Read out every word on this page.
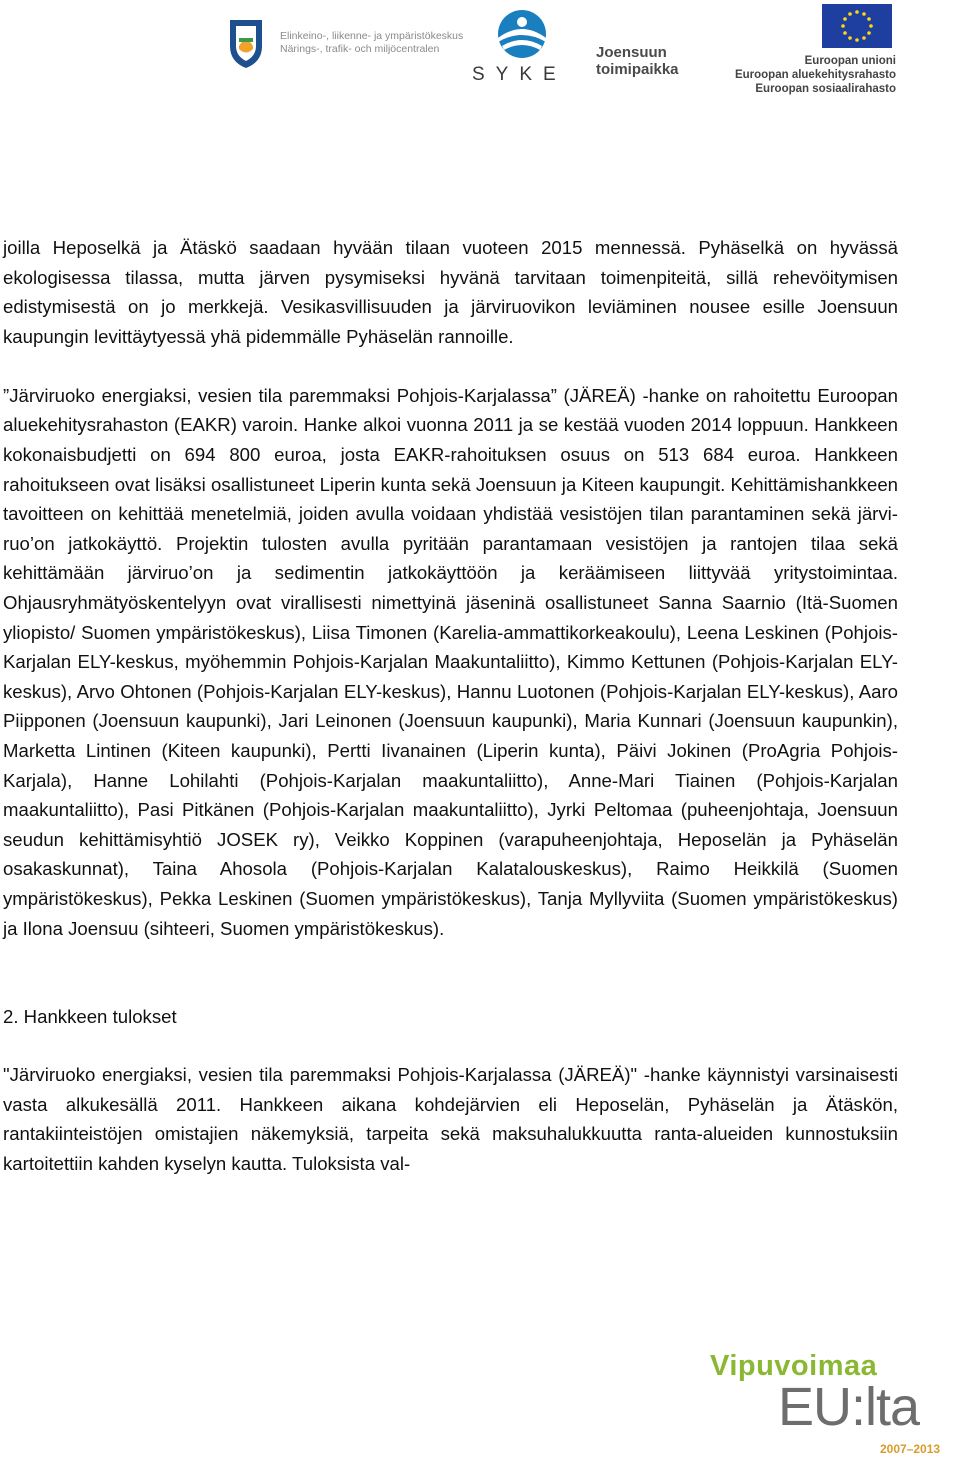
Elinkeino-, liikenne- ja ympäristökeskus
Närings-, trafik- och miljöcentralen
SYKE
Joensuun
toimipaikka	Euroopan unioni
Euroopan aluekehitysrahasto
Euroopan sosiaalirahasto

joilla Heposelkä ja Ätäskö saadaan hyvään tilaan vuoteen 2015 mennessä. Pyhäselkä on hyvässä ekologisessa tilassa, mutta järven pysymiseksi hyvänä tarvitaan toimenpiteitä, sillä rehevöitymisen edistymisestä on jo merkkejä. Vesikasvillisuuden ja järviruovikon leviäminen nousee esille Joensuun kaupungin levittäytyessä yhä pidemmälle Pyhäselän rannoille.

”Järviruoko energiaksi, vesien tila paremmaksi Pohjois-Karjalassa” (JÄREÄ) -hanke on rahoitettu Euroopan aluekehitysrahaston (EAKR) varoin. Hanke alkoi vuonna 2011 ja se kestää vuoden 2014 loppuun. Hankkeen kokonaisbudjetti on 694 800 euroa, josta EAKR-rahoituksen osuus on 513 684 euroa. Hankkeen rahoitukseen ovat lisäksi osallistuneet Liperin kunta sekä Joensuun ja Kiteen kaupungit. Kehittämishankkeen tavoitteen on kehittää menetelmiä, joiden avulla voidaan yhdistää vesistöjen tilan parantaminen sekä järviruo’on jatkokäyttö. Projektin tulosten avulla pyritään parantamaan vesistöjen ja rantojen tilaa sekä kehittämään järviruo’on ja sedimentin jatkokäyttöön ja keräämiseen liittyvää yritystoimintaa. Ohjausryhmätyöskentelyyn ovat virallisesti nimettyinä jäseninä osallistuneet Sanna Saarnio (Itä-Suomen yliopisto/ Suomen ympäristökeskus), Liisa Timonen (Karelia-ammattikorkeakoulu), Leena Leskinen (Pohjois-Karjalan ELY-keskus, myöhemmin Pohjois-Karjalan Maakuntaliitto), Kimmo Kettunen (Pohjois-Karjalan ELY-keskus), Arvo Ohtonen (Pohjois-Karjalan ELY-keskus), Hannu Luotonen (Pohjois-Karjalan ELY-keskus), Aaro Piipponen (Joensuun kaupunki), Jari Leinonen (Joensuun kaupunki), Maria Kunnari (Joensuun kaupunkin), Marketta Lintinen (Kiteen kaupunki), Pertti Iivanainen (Liperin kunta), Päivi Jokinen (ProAgria Pohjois-Karjala), Hanne Lohilahti (Pohjois-Karjalan maakuntaliitto), Anne-Mari Tiainen (Pohjois-Karjalan maakuntaliitto), Pasi Pitkänen (Pohjois-Karjalan maakuntaliitto), Jyrki Peltomaa (puheenjohtaja, Joensuun seudun kehittämisyhtiö JOSEK ry), Veikko Koppinen (varapuheenjohtaja, Heposelän ja Pyhäselän osakaskunnat), Taina Ahosola (Pohjois-Karjalan Kalatalouskeskus), Raimo Heikkilä (Suomen ympäristökeskus), Pekka Leskinen (Suomen ympäristökeskus), Tanja Myllyviita (Suomen ympäristökeskus) ja Ilona Joensuu (sihteeri, Suomen ympäristökeskus).

2. Hankkeen tulokset

"Järviruoko energiaksi, vesien tila paremmaksi Pohjois-Karjalassa (JÄREÄ)" -hanke käynnistyi varsinaisesti vasta alkukesällä 2011. Hankkeen aikana kohdejärvien eli Heposelän, Pyhäselän ja Ätäskön, rantakiinteistöjen omistajien näkemyksiä, tarpeita sekä maksuhalukkuutta ranta-alueiden kunnostuksiin kartoitettiin kahden kyselyn kautta. Tuloksista val-

Vipuvoimaa
EU:lta
2007–2013
